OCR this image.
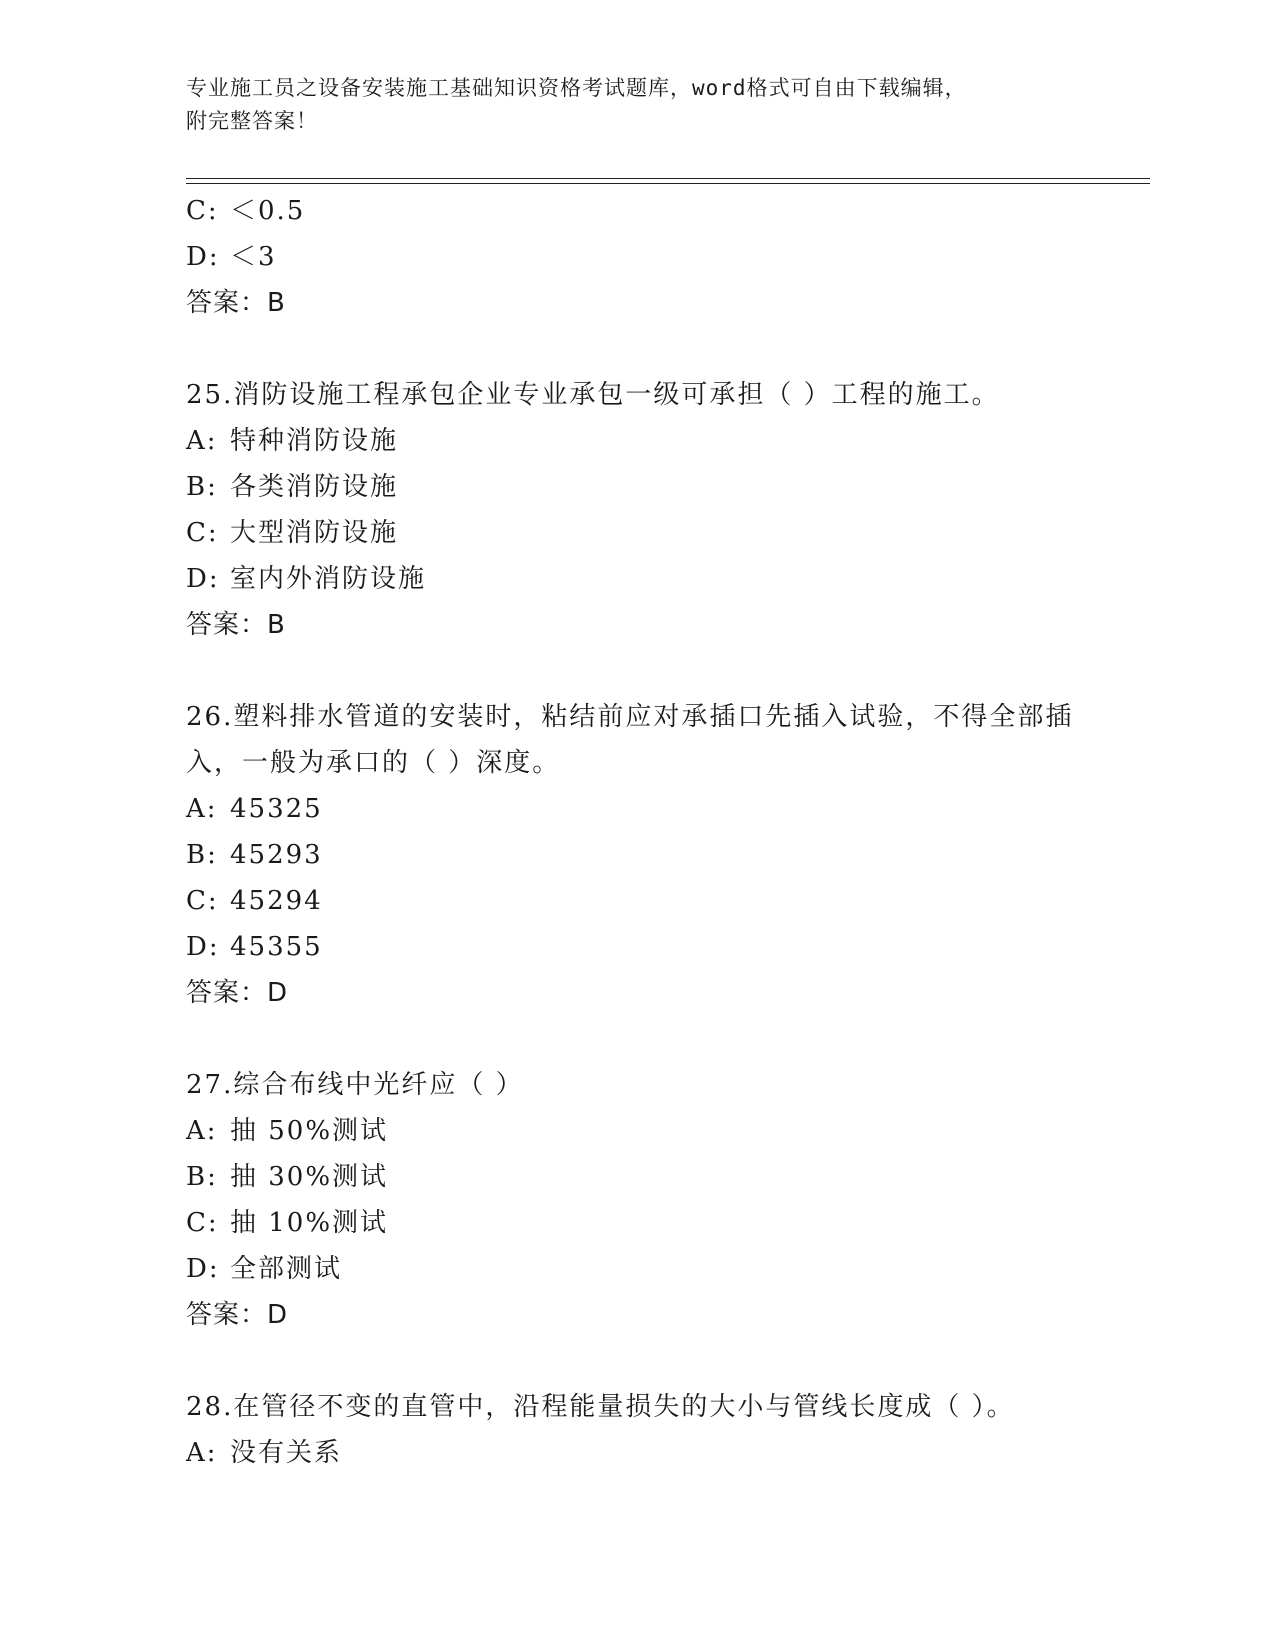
专业施工员之设备安装施工基础知识资格考试题库，word格式可自由下载编辑，
附完整答案！
C: ＜0.5
D: ＜3
答案：B
25.消防设施工程承包企业专业承包一级可承担（ ）工程的施工。
A: 特种消防设施
B: 各类消防设施
C: 大型消防设施
D: 室内外消防设施
答案：B
26.塑料排水管道的安装时，粘结前应对承插口先插入试验，不得全部插入，一般为承口的（ ）深度。
A: 45325
B: 45293
C: 45294
D: 45355
答案：D
27.综合布线中光纤应（ ）
A: 抽 50%测试
B: 抽 30%测试
C: 抽 10%测试
D: 全部测试
答案：D
28.在管径不变的直管中，沿程能量损失的大小与管线长度成（ ）。
A: 没有关系
